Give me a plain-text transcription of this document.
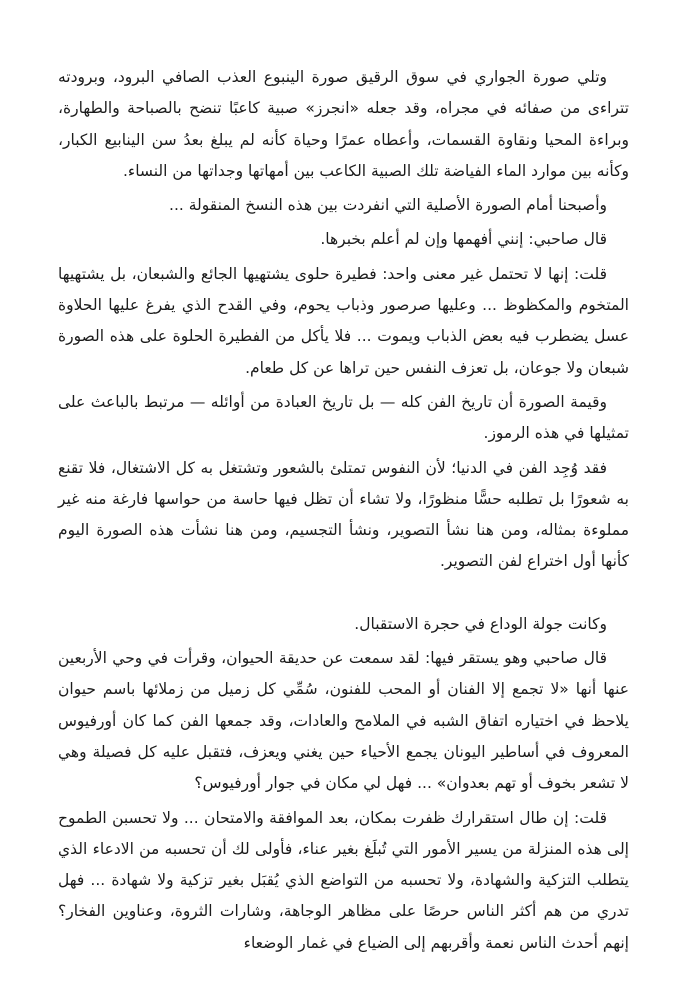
وتلي صورة الجواري في سوق الرقيق صورة الينبوع العذب الصافي البرود، وبرودته تتراءى من صفائه في مجراه، وقد جعله «انجرز» صبية كاعبًا تنضح بالصباحة والطهارة، وبراءة المحيا ونقاوة القسمات، وأعطاه عمرًا وحياة كأنه لم يبلغ بعدُ سن الينابيع الكبار، وكأنه بين موارد الماء الفياضة تلك الصبية الكاعب بين أمهاتها وجداتها من النساء.

وأصبحنا أمام الصورة الأصلية التي انفردت بين هذه النسخ المنقولة ...

قال صاحبي: إنني أفهمها وإن لم أعلم بخبرها.

قلت: إنها لا تحتمل غير معنى واحد: فطيرة حلوى يشتهيها الجائع والشبعان، بل يشتهيها المتخوم والمكظوظ ... وعليها صرصور وذباب يحوم، وفي القدح الذي يفرغ عليها الحلاوة عسل يضطرب فيه بعض الذباب ويموت ... فلا يأكل من الفطيرة الحلوة على هذه الصورة شبعان ولا جوعان، بل تعزف النفس حين تراها عن كل طعام.

وقيمة الصورة أن تاريخ الفن كله — بل تاريخ العبادة من أوائله — مرتبط بالباعث على تمثيلها في هذه الرموز.

فقد وُجِد الفن في الدنيا؛ لأن النفوس تمتلئ بالشعور وتشتغل به كل الاشتغال، فلا تقنع به شعورًا بل تطلبه حسًّا منظورًا، ولا تشاء أن تظل فيها حاسة من حواسها فارغة منه غير مملوءة بمثاله، ومن هنا نشأ التصوير، ونشأ التجسيم، ومن هنا نشأت هذه الصورة اليوم كأنها أول اختراع لفن التصوير.

وكانت جولة الوداع في حجرة الاستقبال.

قال صاحبي وهو يستقر فيها: لقد سمعت عن حديقة الحيوان، وقرأت في وحي الأربعين عنها أنها «لا تجمع إلا الفنان أو المحب للفنون، سُمِّي كل زميل من زملائها باسم حيوان يلاحظ في اختياره اتفاق الشبه في الملامح والعادات، وقد جمعها الفن كما كان أورفيوس المعروف في أساطير اليونان يجمع الأحياء حين يغني ويعزف، فتقبل عليه كل فصيلة وهي لا تشعر بخوف أو تهم بعدوان» ... فهل لي مكان في جوار أورفيوس؟

قلت: إن طال استقرارك ظفرت بمكان، بعد الموافقة والامتحان ... ولا تحسبن الطموح إلى هذه المنزلة من يسير الأمور التي تُبلَغ بغير عناء، فأولى لك أن تحسبه من الادعاء الذي يتطلب التزكية والشهادة، ولا تحسبه من التواضع الذي يُقبَل بغير تزكية ولا شهادة ... فهل تدري من هم أكثر الناس حرصًا على مظاهر الوجاهة، وشارات الثروة، وعناوين الفخار؟ إنهم أحدث الناس نعمة وأقربهم إلى الضياع في غمار الوضعاء
